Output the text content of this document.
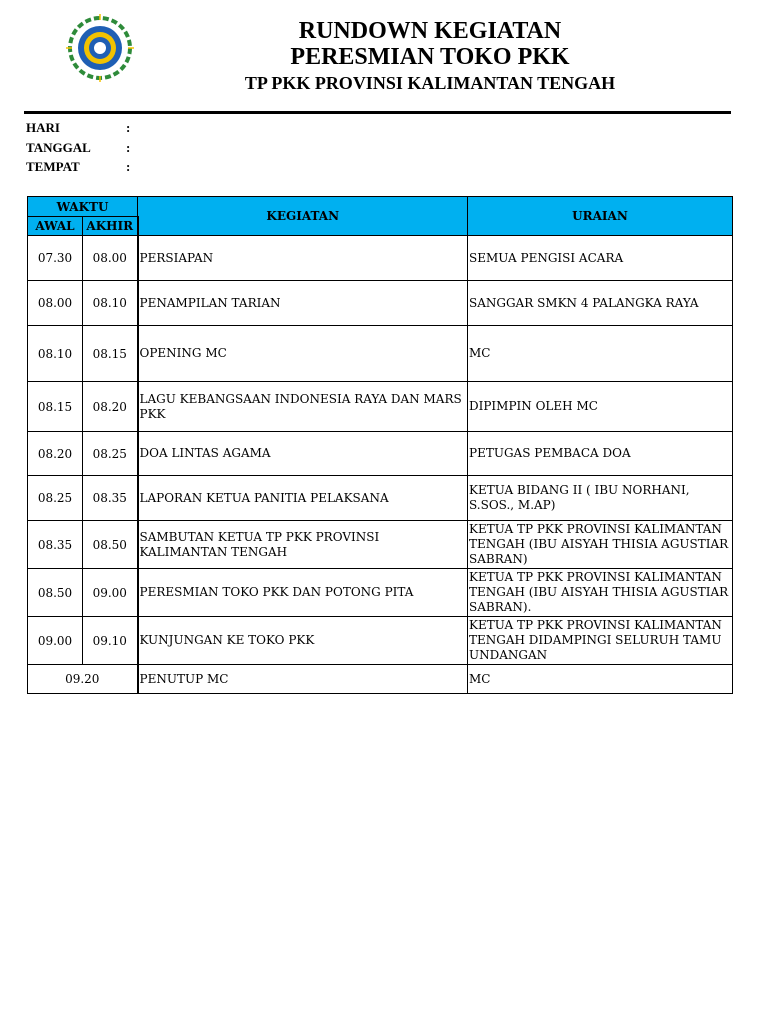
RUNDOWN KEGIATAN
PERESMIAN TOKO PKK
TP PKK PROVINSI KALIMANTAN TENGAH
HARI	:
TANGGAL	:
TEMPAT	:
WAKTU		KEGIATAN	URAIAN
AWAL	AKHIR		
07.30	08.00	PERSIAPAN	SEMUA PENGISI ACARA
08.00	08.10	PENAMPILAN TARIAN	SANGGAR SMKN 4 PALANGKA RAYA
08.10	08.15	OPENING MC	MC
08.15	08.20	LAGU KEBANGSAAN INDONESIA RAYA DAN MARS PKK	DIPIMPIN OLEH MC
08.20	08.25	DOA LINTAS AGAMA	PETUGAS PEMBACA DOA
08.25	08.35	LAPORAN KETUA PANITIA PELAKSANA	KETUA BIDANG II ( IBU NORHANI, S.SOS., M.AP)
08.35	08.50	SAMBUTAN KETUA TP PKK PROVINSI KALIMANTAN TENGAH	KETUA TP PKK PROVINSI KALIMANTAN TENGAH (IBU AISYAH THISIA AGUSTIAR SABRAN)
08.50	09.00	PERESMIAN TOKO PKK DAN POTONG PITA	KETUA TP PKK PROVINSI KALIMANTAN TENGAH (IBU AISYAH THISIA AGUSTIAR SABRAN).
09.00	09.10	KUNJUNGAN KE TOKO PKK	KETUA TP PKK PROVINSI KALIMANTAN TENGAH DIDAMPINGI SELURUH TAMU UNDANGAN
09.20		PENUTUP MC	MC
